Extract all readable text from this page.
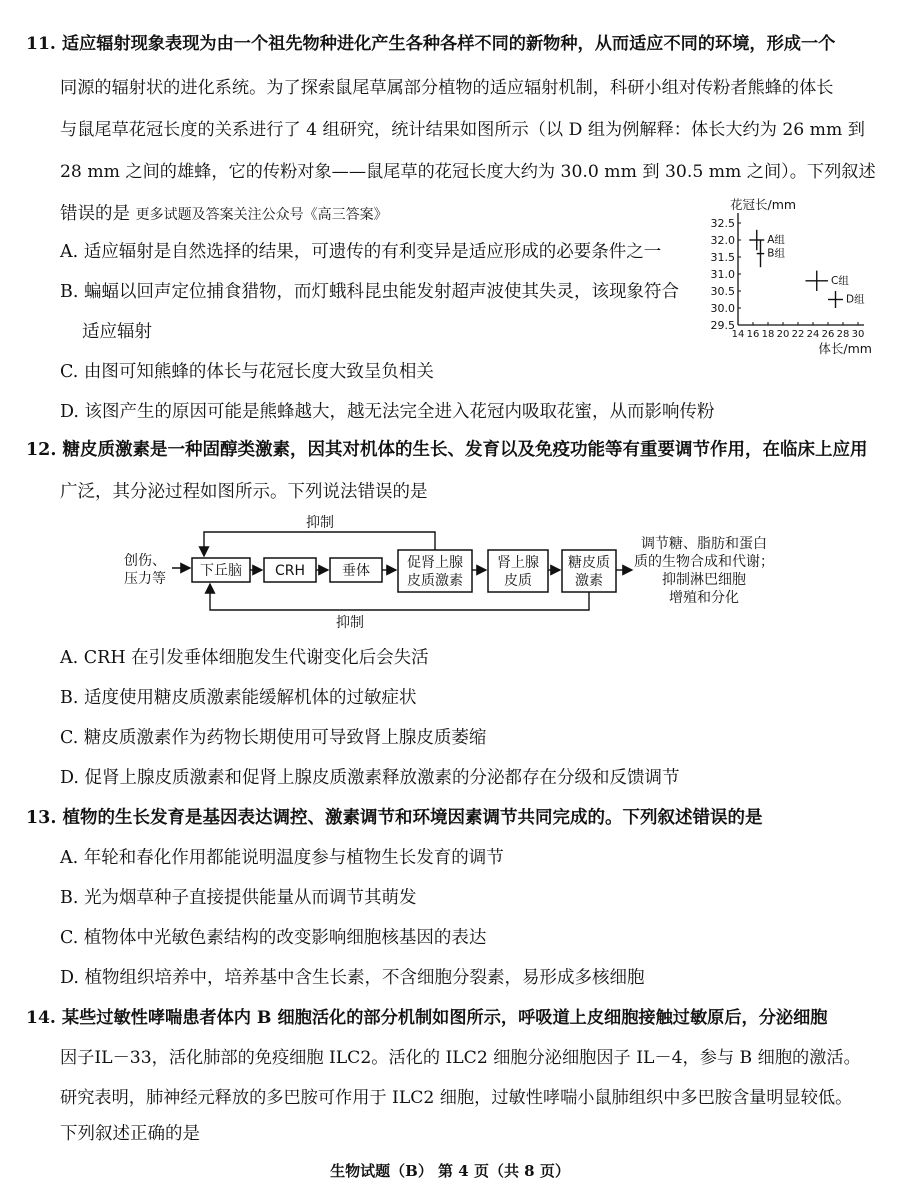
11. 适应辐射现象表现为由一个祖先物种进化产生各种各样不同的新物种，从而适应不同的环境，形成一个
同源的辐射状的进化系统。为了探索鼠尾草属部分植物的适应辐射机制，科研小组对传粉者熊蜂的体长
与鼠尾草花冠长度的关系进行了 4 组研究，统计结果如图所示（以 D 组为例解释：体长大约为 26 mm 到
28 mm 之间的雄蜂，它的传粉对象——鼠尾草的花冠长度大约为 30.0 mm 到 30.5 mm 之间）。下列叙述
错误的是 更多试题及答案关注公众号《高三答案》
A. 适应辐射是自然选择的结果，可遗传的有利变异是适应形成的必要条件之一
B. 蝙蝠以回声定位捕食猎物，而灯蛾科昆虫能发射超声波使其失灵，该现象符合
适应辐射
C. 由图可知熊蜂的体长与花冠长度大致呈负相关
D. 该图产生的原因可能是熊蜂越大，越无法完全进入花冠内吸取花蜜，从而影响传粉
29.5
30.0
30.5
31.0
31.5
32.0
32.5
14 16 18 20 22 24 26 28 30
花冠长/mm
体长/mm
A组
B组
C组
D组
12. 糖皮质激素是一种固醇类激素，因其对机体的生长、发育以及免疫功能等有重要调节作用，在临床上应用
广泛，其分泌过程如图所示。下列说法错误的是
创伤、
压力等 下丘脑 CRH	垂体	促肾上腺
皮质激素
肾上腺
皮质
糖皮质
激素
调节糖、脂肪和蛋白
质的生物合成和代谢；
抑制淋巴细胞
增殖和分化
抑制
抑制
A. CRH 在引发垂体细胞发生代谢变化后会失活
B. 适度使用糖皮质激素能缓解机体的过敏症状
C. 糖皮质激素作为药物长期使用可导致肾上腺皮质萎缩
D. 促肾上腺皮质激素和促肾上腺皮质激素释放激素的分泌都存在分级和反馈调节
13. 植物的生长发育是基因表达调控、激素调节和环境因素调节共同完成的。下列叙述错误的是
A. 年轮和春化作用都能说明温度参与植物生长发育的调节
B. 光为烟草种子直接提供能量从而调节其萌发
C. 植物体中光敏色素结构的改变影响细胞核基因的表达
D. 植物组织培养中，培养基中含生长素，不含细胞分裂素，易形成多核细胞
14. 某些过敏性哮喘患者体内 B 细胞活化的部分机制如图所示，呼吸道上皮细胞接触过敏原后，分泌细胞
因子IL－33，活化肺部的免疫细胞 ILC2。活化的 ILC2 细胞分泌细胞因子 IL－4，参与 B 细胞的激活。
研究表明，肺神经元释放的多巴胺可作用于 ILC2 细胞，过敏性哮喘小鼠肺组织中多巴胺含量明显较低。
下列叙述正确的是
生物试题（B） 第 4 页（共 8 页）
